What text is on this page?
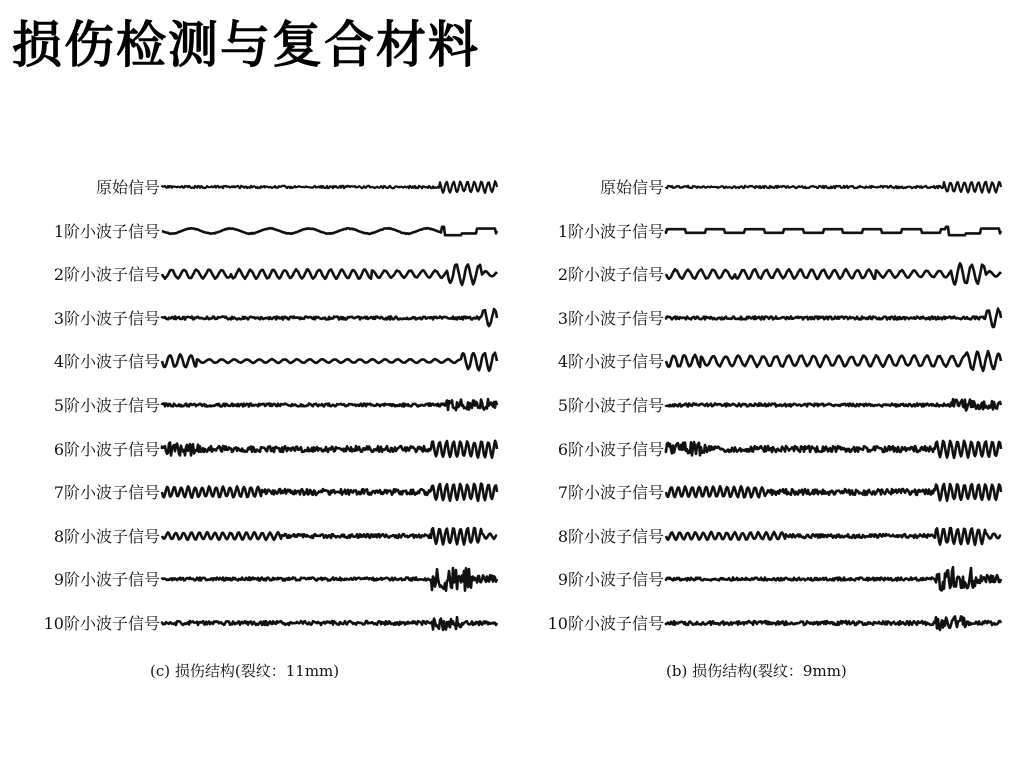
损伤检测与复合材料
10阶小波子信号
9阶小波子信号
8阶小波子信号
7阶小波子信号
6阶小波子信号
5阶小波子信号
4阶小波子信号
3阶小波子信号
2阶小波子信号
1阶小波子信号
原始信号
(c) 损伤结构(裂纹：11mm)
10阶小波子信号
9阶小波子信号
8阶小波子信号
7阶小波子信号
6阶小波子信号
5阶小波子信号
4阶小波子信号
3阶小波子信号
2阶小波子信号
1阶小波子信号
原始信号
(b) 损伤结构(裂纹：9mm)
